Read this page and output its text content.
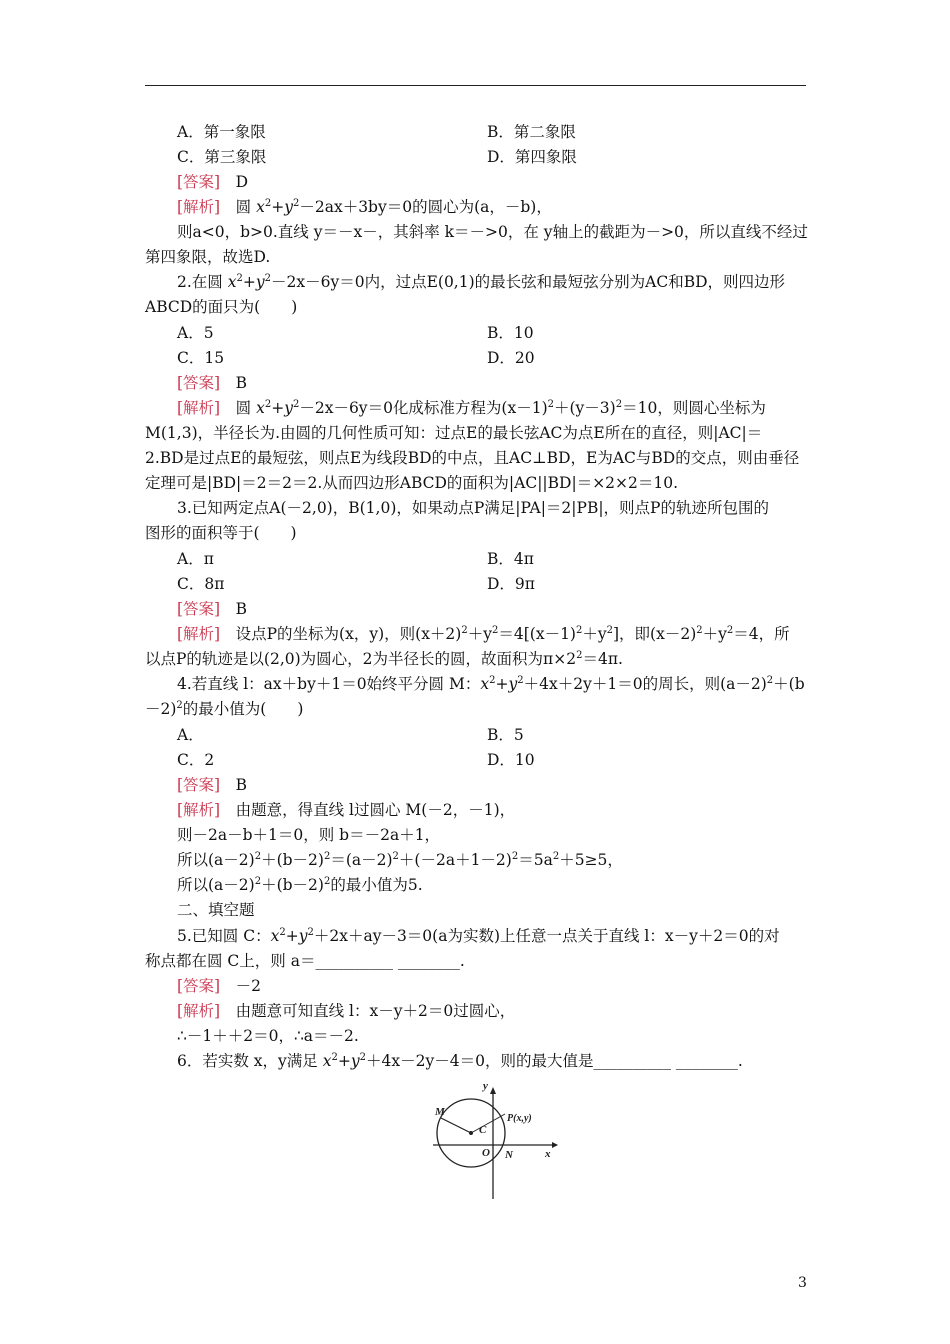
A．第一象限	B．第二象限
C．第三象限	D．第四象限
[答案]　 D
[解析]　 圆 $x^2+y^2-2ax+3by=0$的圆心为(a，－b)，
则a<0，b>0.直线 y＝－x－，其斜率 k＝－>0，在 y轴上的截距为－>0，所以直线不经过
第四象限，故选D.
2.在圆 $x^2+y^2-2x-6y=0$内，过点E(0,1)的最长弦和最短弦分别为AC和BD，则四边形
ABCD的面只为(　　)
A．5	B．10
C．15	D．20
[答案]　 B
[解析]　 圆 $x^2+y^2-2x-6y=0$化成标准方程为$(x-1)^2+(y-3)^2=10$，则圆心坐标为
M(1,3)，半径长为.由圆的几何性质可知：过点E的最长弦AC为点E所在的直径，则|AC|＝
2.BD是过点E的最短弦，则点E为线段BD的中点，且AC⊥BD，E为AC与BD的交点，则由垂径
定理可是|BD|＝2＝2＝2.从而四边形ABCD的面积为|AC||BD|＝×2×2＝10.
3.已知两定点A(－2,0)，B(1,0)，如果动点P满足|PA|＝2|PB|，则点P的轨迹所包围的
图形的面积等于(　　)
A．π	B．4π
C．8π	D．9π
[答案]　 B
[解析]　 设点P的坐标为(x，y)，则$(x+2)^2+y^2=4[(x-1)^2+y^2]$，即$(x-2)^2+y^2=4$，所
以点P的轨迹是以(2,0)为圆心，2为半径长的圆，故面积为$\pi\times 2^2=4\pi$.
4.若直线 l：ax＋by＋1＝0始终平分圆 M：$x^2+y^2+4x+2y+1=0$的周长，则$(a-2)^2+(b$
－2)$^2$的最小值为(　　)
A．	B．5
C．2	D．10
[答案]　 B
[解析]　 由题意，得直线 l过圆心 M(－2，－1)，
则－2a－b＋1＝0，则 b＝－2a＋1，
所以$(a-2)^2+(b-2)^2=(a-2)^2+(-2a+1-2)^2=5a^2+5\ge 5$，
所以$(a-2)^2+(b-2)^2$的最小值为5.
二、填空题
5.已知圆 C：$x^2+y^2+2x+ay-3=0(a$为实数)上任意一点关于直线 l：x－y＋2＝0的对
称点都在圆 C上，则 a＝__________ ________.
[答案]　 －2
[解析]　 由题意可知直线 l：x－y＋2＝0过圆心，
∴－1＋＋2＝0，∴a＝－2.
6．若实数 x，y满足 $x^2+y^2+4x-2y-4=0$，则的最大值是__________ ________.
y
x
M
C
P(x,y)
O N
3
